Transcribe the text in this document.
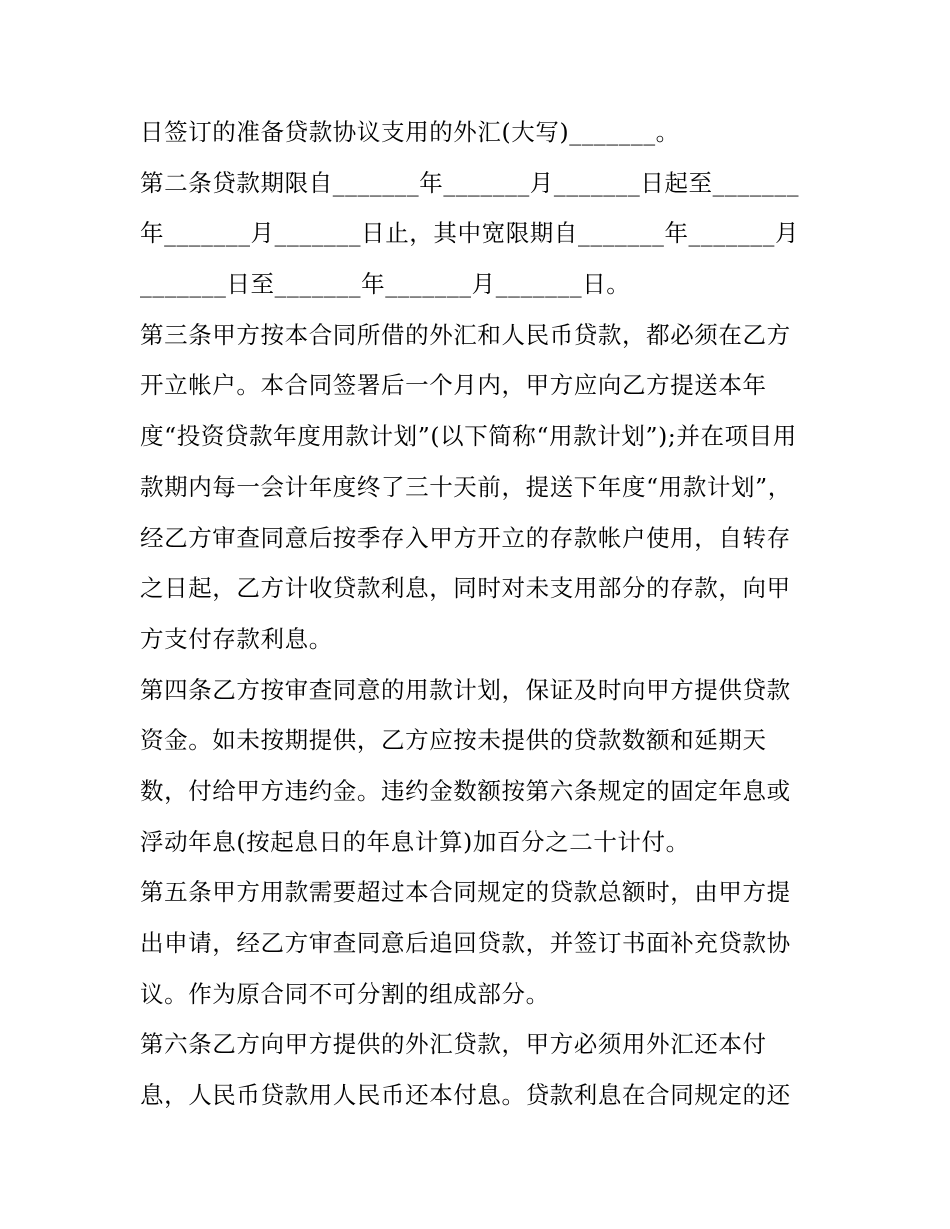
日签订的准备贷款协议支用的外汇(大写)_______。
第二条贷款期限自_______年_______月_______日起至_______
年_______月_______日止，其中宽限期自_______年_______月
_______日至_______年_______月_______日。
第三条甲方按本合同所借的外汇和人民币贷款，都必须在乙方
开立帐户。本合同签署后一个月内，甲方应向乙方提送本年
度“投资贷款年度用款计划”(以下简称“用款计划”);并在项目用
款期内每一会计年度终了三十天前，提送下年度“用款计划”，
经乙方审查同意后按季存入甲方开立的存款帐户使用，自转存
之日起，乙方计收贷款利息，同时对未支用部分的存款，向甲
方支付存款利息。
第四条乙方按审查同意的用款计划，保证及时向甲方提供贷款
资金。如未按期提供，乙方应按未提供的贷款数额和延期天
数，付给甲方违约金。违约金数额按第六条规定的固定年息或
浮动年息(按起息日的年息计算)加百分之二十计付。
第五条甲方用款需要超过本合同规定的贷款总额时，由甲方提
出申请，经乙方审查同意后追回贷款，并签订书面补充贷款协
议。作为原合同不可分割的组成部分。
第六条乙方向甲方提供的外汇贷款，甲方必须用外汇还本付
息，人民币贷款用人民币还本付息。贷款利息在合同规定的还
